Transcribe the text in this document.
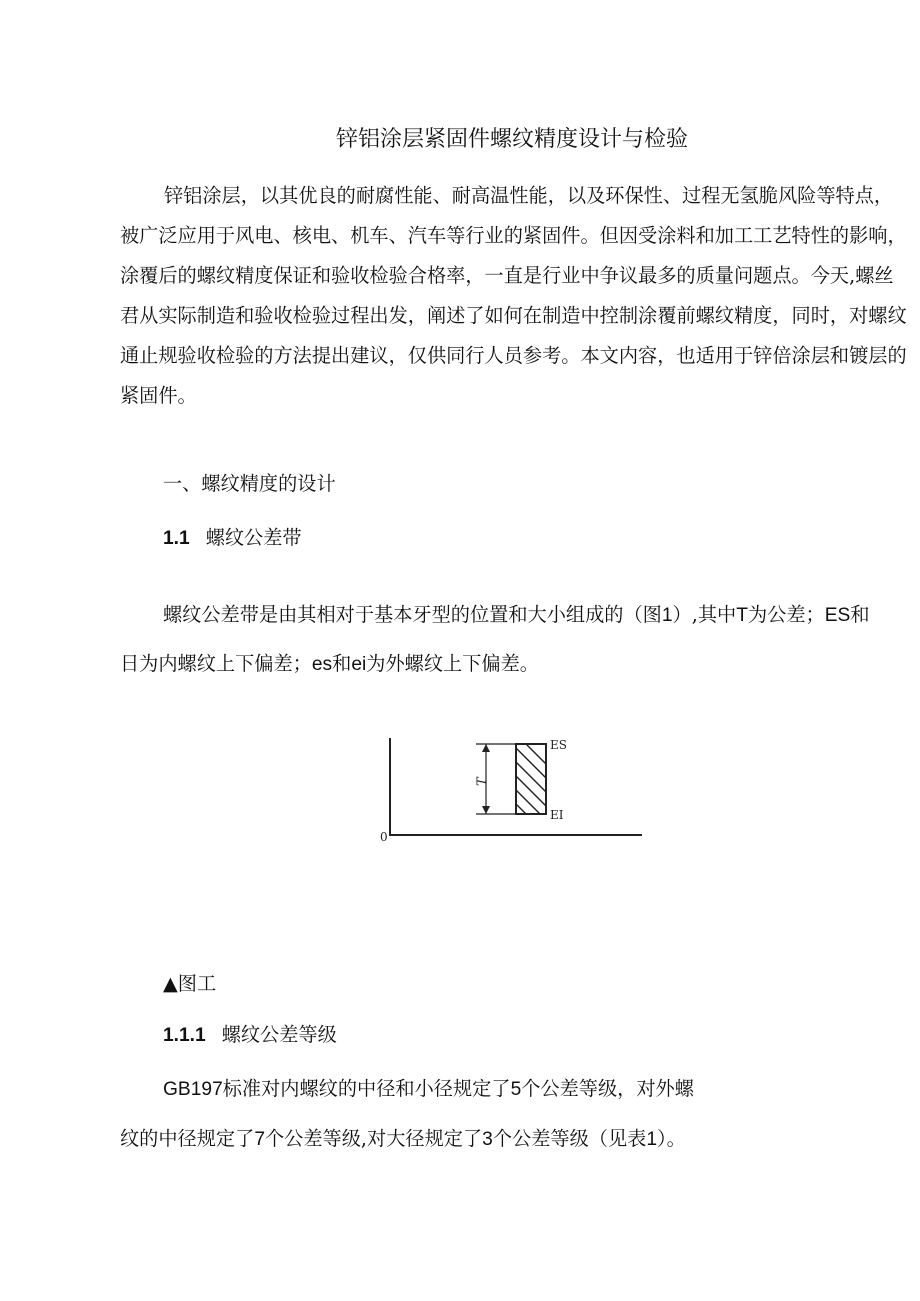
锌铝涂层紧固件螺纹精度设计与检验

锌铝涂层，以其优良的耐腐性能、耐高温性能，以及环保性、过程无氢脆风险等特点，被广泛应用于风电、核电、机车、汽车等行业的紧固件。但因受涂料和加工工艺特性的影响，涂覆后的螺纹精度保证和验收检验合格率，一直是行业中争议最多的质量问题点。今天,螺丝君从实际制造和验收检验过程出发，阐述了如何在制造中控制涂覆前螺纹精度，同时，对螺纹通止规验收检验的方法提出建议，仅供同行人员参考。本文内容，也适用于锌倍涂层和镀层的紧固件。

一、螺纹精度的设计
1.1 螺纹公差带
螺纹公差带是由其相对于基本牙型的位置和大小组成的（图1）,其中T为公差；ES和
日为内螺纹上下偏差；es和ei为外螺纹上下偏差。
0
T
ES
EI
▲图工
1.1.1 螺纹公差等级
GB197标准对内螺纹的中径和小径规定了5个公差等级，对外螺
纹的中径规定了7个公差等级,对大径规定了3个公差等级（见表1）。
